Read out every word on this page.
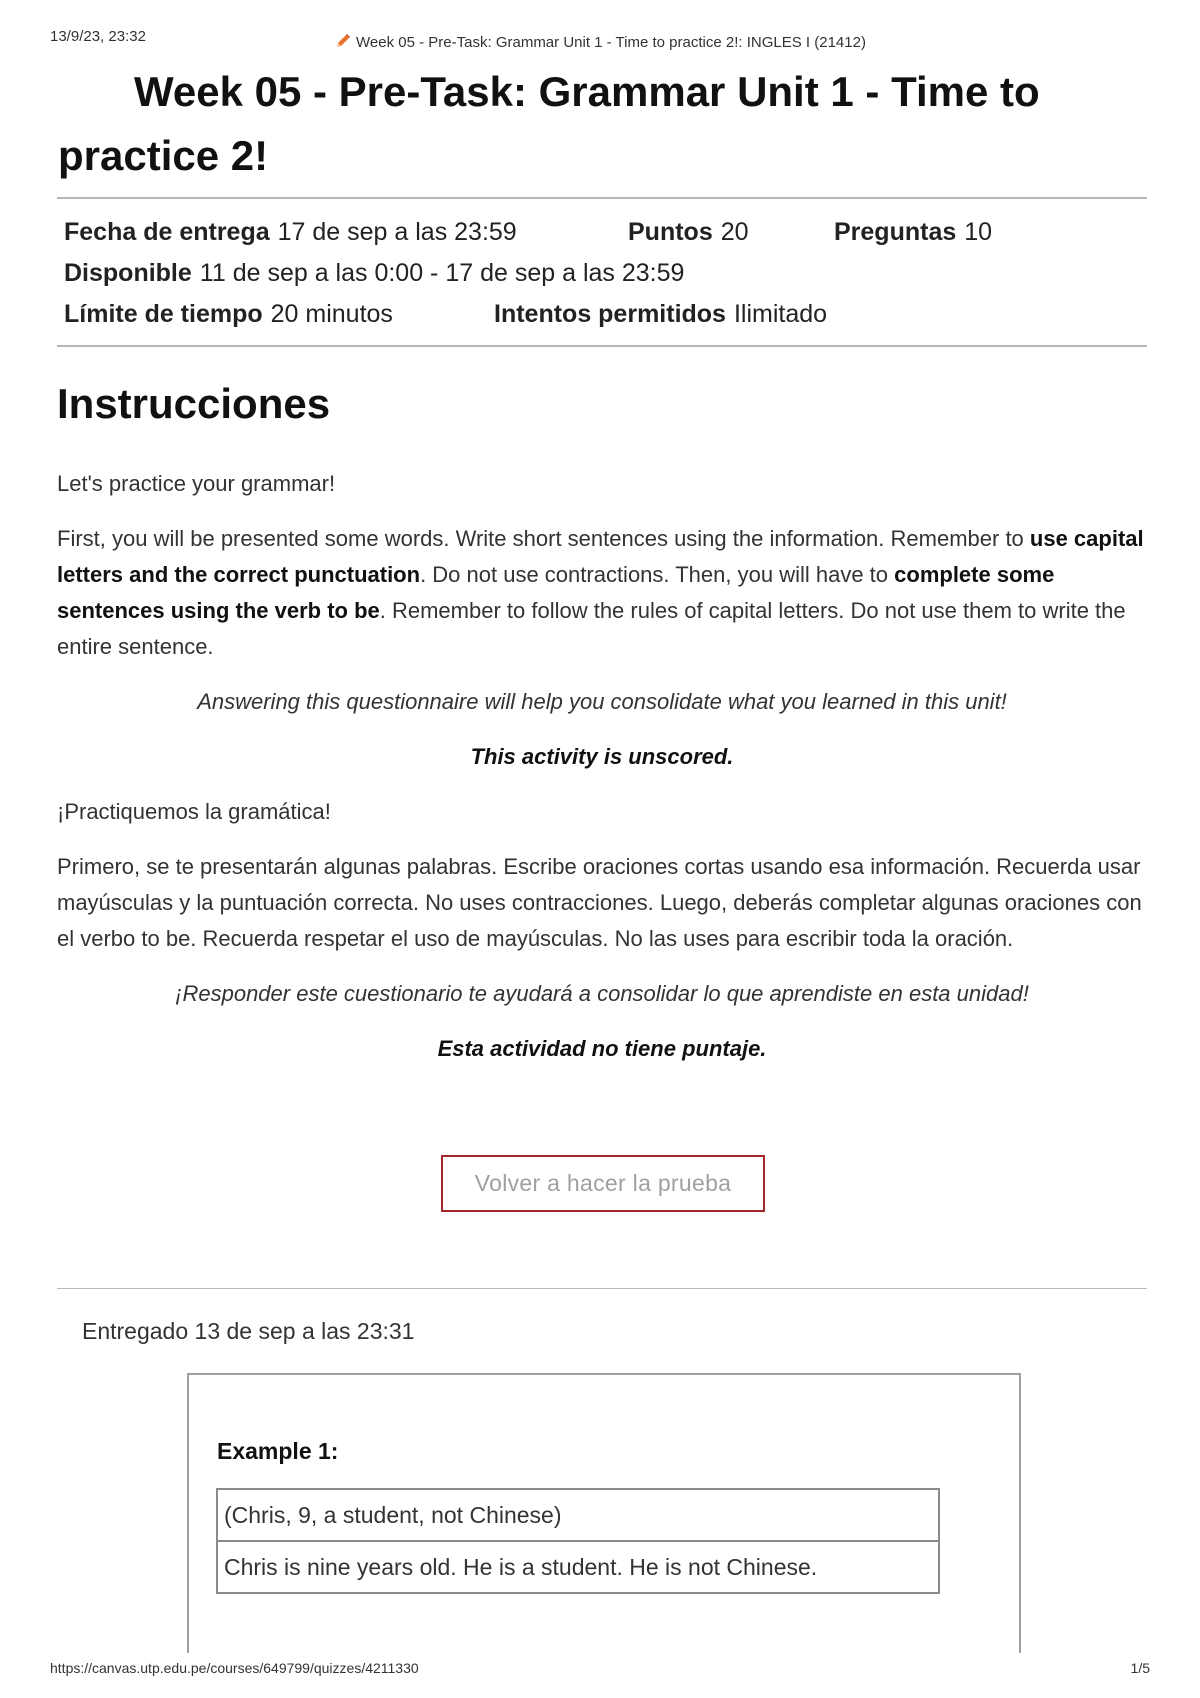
13/9/23, 23:32	Week 05 - Pre-Task: Grammar Unit 1 - Time to practice 2!: INGLES I (21412)
Week 05 - Pre-Task: Grammar Unit 1 - Time to practice 2!
Fecha de entrega 17 de sep a las 23:59	Puntos 20	Preguntas 10
Disponible 11 de sep a las 0:00 - 17 de sep a las 23:59
Límite de tiempo 20 minutos	Intentos permitidos Ilimitado
Instrucciones

Let's practice your grammar!

First, you will be presented some words. Write short sentences using the information. Remember to use capital letters and the correct punctuation. Do not use contractions. Then, you will have to complete some sentences using the verb to be. Remember to follow the rules of capital letters. Do not use them to write the entire sentence.

Answering this questionnaire will help you consolidate what you learned in this unit!

This activity is unscored.

¡Practiquemos la gramática!

Primero, se te presentarán algunas palabras. Escribe oraciones cortas usando esa información. Recuerda usar mayúsculas y la puntuación correcta. No uses contracciones. Luego, deberás completar algunas oraciones con el verbo to be. Recuerda respetar el uso de mayúsculas. No las uses para escribir toda la oración.

¡Responder este cuestionario te ayudará a consolidar lo que aprendiste en esta unidad!

Esta actividad no tiene puntaje.

Volver a hacer la prueba
Entregado 13 de sep a las 23:31
Example 1:
(Chris, 9, a student, not Chinese)
Chris is nine years old. He is a student. He is not Chinese.
https://canvas.utp.edu.pe/courses/649799/quizzes/4211330	1/5
